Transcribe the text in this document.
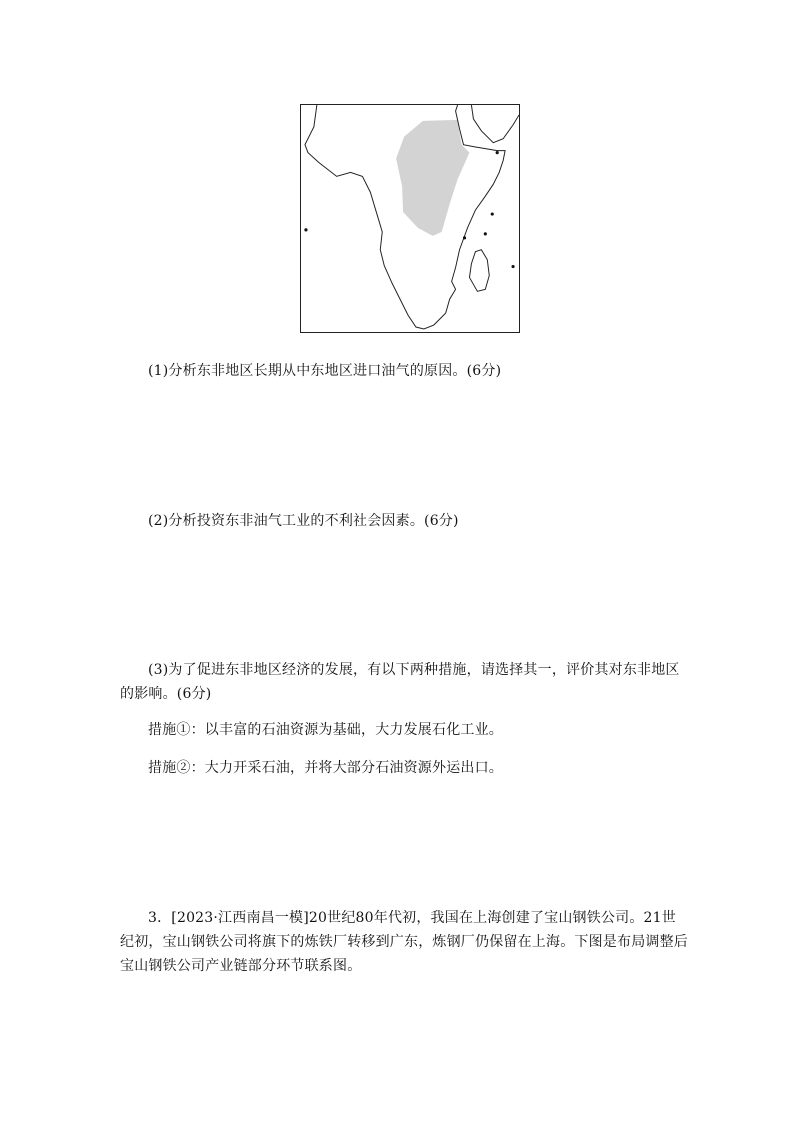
(1)分析东非地区长期从中东地区进口油气的原因。(6分)
(2)分析投资东非油气工业的不利社会因素。(6分)
(3)为了促进东非地区经济的发展，有以下两种措施，请选择其一，评价其对东非地区
的影响。(6分)
措施①：以丰富的石油资源为基础，大力发展石化工业。
措施②：大力开采石油，并将大部分石油资源外运出口。
3．[2023·江西南昌一模]20世纪80年代初，我国在上海创建了宝山钢铁公司。21世
纪初，宝山钢铁公司将旗下的炼铁厂转移到广东，炼钢厂仍保留在上海。下图是布局调整后
宝山钢铁公司产业链部分环节联系图。
